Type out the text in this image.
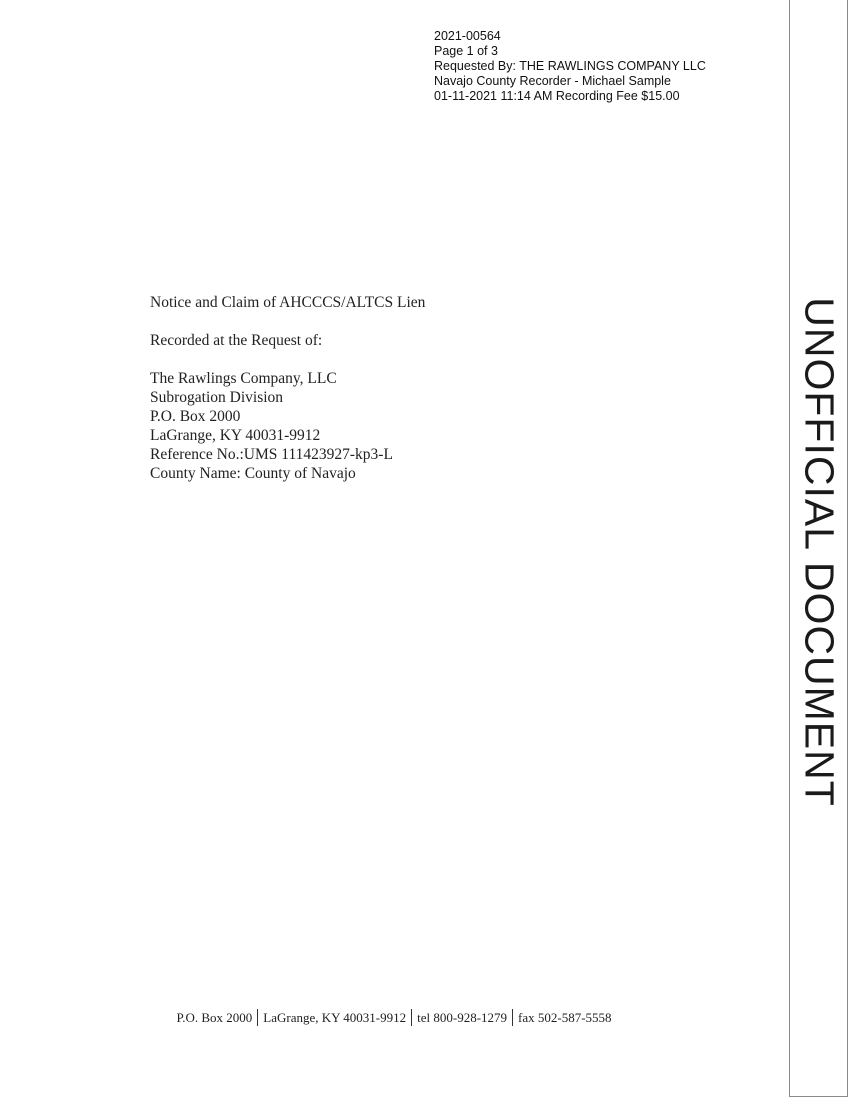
2021-00564
Page 1 of 3
Requested By: THE RAWLINGS COMPANY LLC
Navajo County Recorder - Michael Sample
01-11-2021 11:14 AM Recording Fee $15.00
Notice and Claim of AHCCCS/ALTCS Lien
Recorded at the Request of:
The Rawlings Company, LLC
Subrogation Division
P.O. Box 2000
LaGrange, KY 40031-9912
Reference No.:UMS 111423927-kp3-L
County Name: County of Navajo
P.O. Box 2000 LaGrange, KY 40031-9912 tel 800-928-1279 fax 502-587-5558
UNOFFICIAL DOCUMENT
